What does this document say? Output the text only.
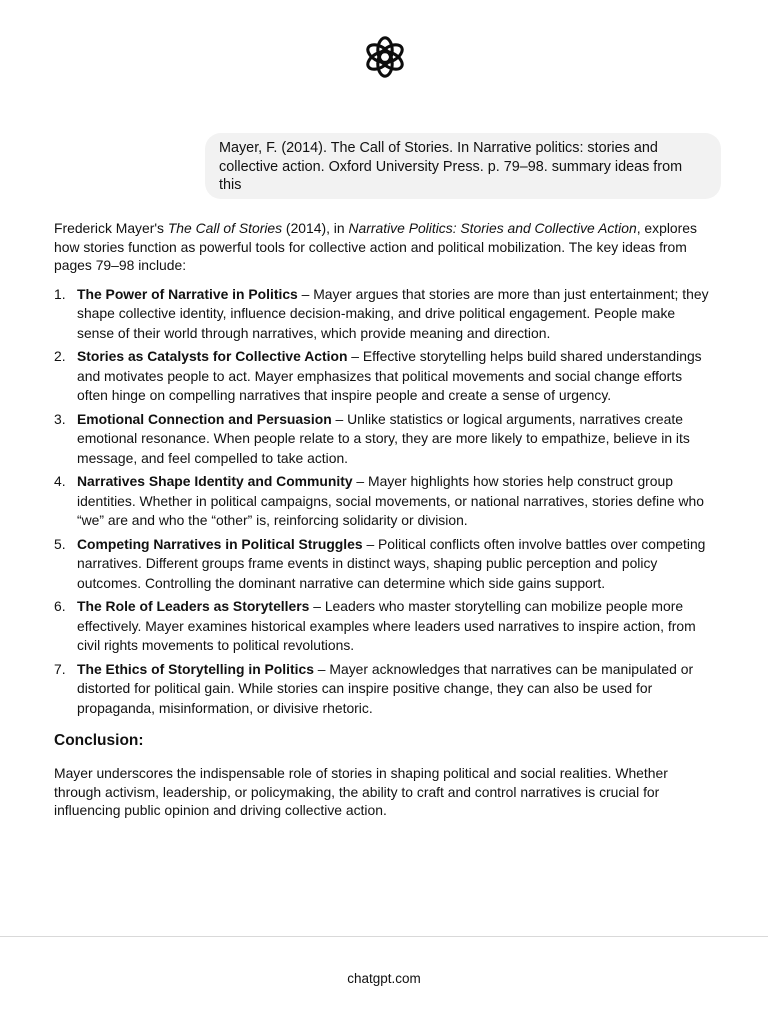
Mayer, F. (2014). The Call of Stories. In Narrative politics: stories and collective action. Oxford University Press. p. 79–98. summary ideas from this

Frederick Mayer's The Call of Stories (2014), in Narrative Politics: Stories and Collective Action, explores how stories function as powerful tools for collective action and political mobilization. The key ideas from pages 79–98 include:

1. The Power of Narrative in Politics – Mayer argues that stories are more than just entertainment; they shape collective identity, influence decision-making, and drive political engagement. People make sense of their world through narratives, which provide meaning and direction.
2. Stories as Catalysts for Collective Action – Effective storytelling helps build shared understandings and motivates people to act. Mayer emphasizes that political movements and social change efforts often hinge on compelling narratives that inspire people and create a sense of urgency.
3. Emotional Connection and Persuasion – Unlike statistics or logical arguments, narratives create emotional resonance. When people relate to a story, they are more likely to empathize, believe in its message, and feel compelled to take action.
4. Narratives Shape Identity and Community – Mayer highlights how stories help construct group identities. Whether in political campaigns, social movements, or national narratives, stories define who “we” are and who the “other” is, reinforcing solidarity or division.
5. Competing Narratives in Political Struggles – Political conflicts often involve battles over competing narratives. Different groups frame events in distinct ways, shaping public perception and policy outcomes. Controlling the dominant narrative can determine which side gains support.
6. The Role of Leaders as Storytellers – Leaders who master storytelling can mobilize people more effectively. Mayer examines historical examples where leaders used narratives to inspire action, from civil rights movements to political revolutions.
7. The Ethics of Storytelling in Politics – Mayer acknowledges that narratives can be manipulated or distorted for political gain. While stories can inspire positive change, they can also be used for propaganda, misinformation, or divisive rhetoric.
Conclusion:

Mayer underscores the indispensable role of stories in shaping political and social realities. Whether through activism, leadership, or policymaking, the ability to craft and control narratives is crucial for influencing public opinion and driving collective action.

chatgpt.com
